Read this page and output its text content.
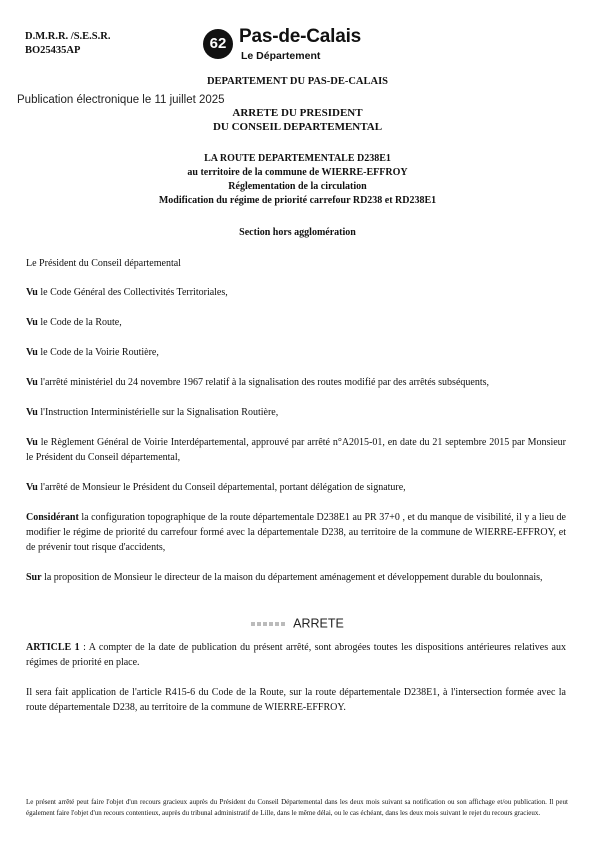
D.M.R.R. /S.E.S.R.
BO25435AP	62 Pas-de-Calais
Le Département
DEPARTEMENT DU PAS-DE-CALAIS
Publication électronique le 11 juillet 2025
ARRETE DU PRESIDENT
DU CONSEIL DEPARTEMENTAL
LA ROUTE DEPARTEMENTALE D238E1
au territoire de la commune de WIERRE-EFFROY
Réglementation de la circulation
Modification du régime de priorité carrefour RD238 et RD238E1
Section hors agglomération
Le Président du Conseil départemental
Vu le Code Général des Collectivités Territoriales,
Vu le Code de la Route,
Vu le Code de la Voirie Routière,
Vu l'arrêté ministériel du 24 novembre 1967 relatif à la signalisation des routes modifié par des arrêtés subséquents,
Vu l'Instruction Interministérielle sur la Signalisation Routière,
Vu le Règlement Général de Voirie Interdépartemental, approuvé par arrêté n°A2015-01, en date du 21 septembre 2015 par Monsieur le Président du Conseil départemental,
Vu l'arrêté de Monsieur le Président du Conseil départemental, portant délégation de signature,
Considérant la configuration topographique de la route départementale D238E1 au PR 37+0 , et du manque de visibilité, il y a lieu de modifier le régime de priorité du carrefour formé avec la départementale D238, au territoire de la commune de WIERRE-EFFROY, et de prévenir tout risque d'accidents,
Sur la proposition de Monsieur le directeur de la maison du département aménagement et développement durable du boulonnais,
ARRETE
ARTICLE 1 : A compter de la date de publication du présent arrêté, sont abrogées toutes les dispositions antérieures relatives aux régimes de priorité en place.
Il sera fait application de l'article R415-6 du Code de la Route, sur la route départementale D238E1, à l'intersection formée avec la route départementale D238, au territoire de la commune de WIERRE-EFFROY.
Le présent arrêté peut faire l'objet d'un recours gracieux auprès du Président du Conseil Départemental dans les deux mois suivant sa notification ou son affichage et/ou publication. Il peut également faire l'objet d'un recours contentieux, auprès du tribunal administratif de Lille, dans le même délai, ou le cas échéant, dans les deux mois suivant le rejet du recours gracieux.
